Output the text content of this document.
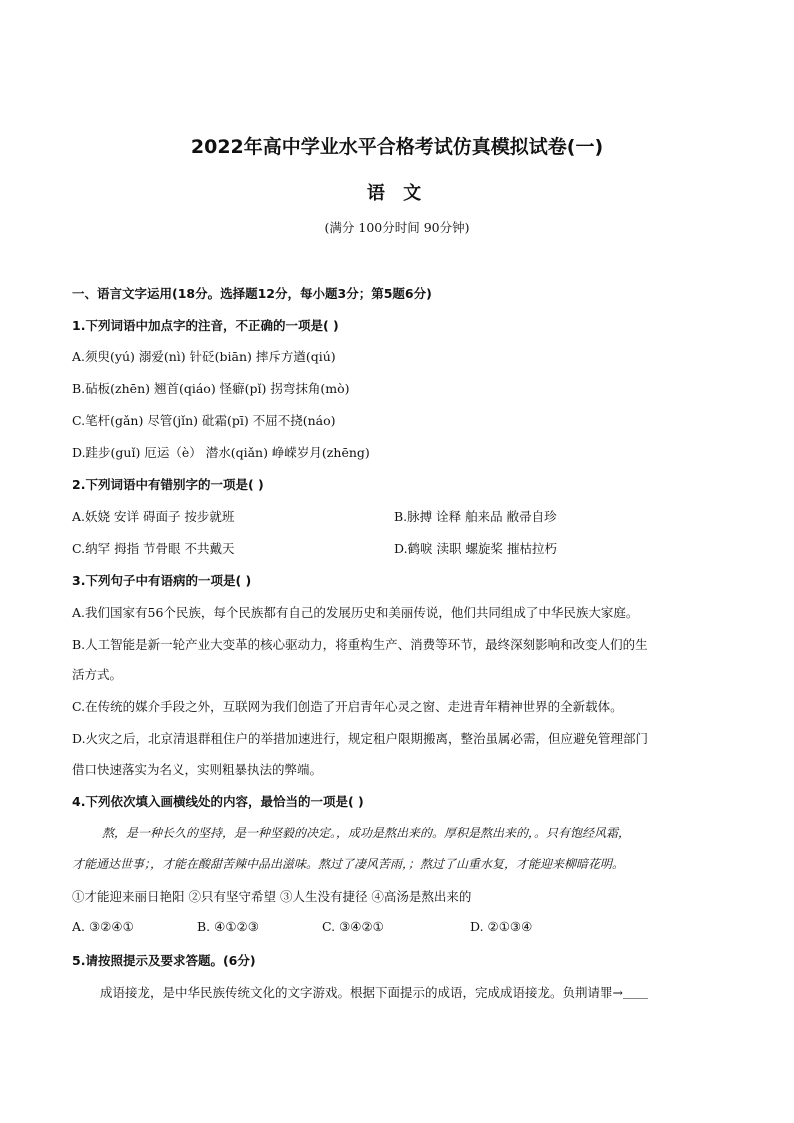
2022年高中学业水平合格考试仿真模拟试卷(一)
语 文
(满分 100分时间 90分钟)
一、语言文字运用(18分。选择题12分，每小题3分；第5题6分)
1.下列词语中加点字的注音，不正确的一项是( )
A.须臾(yú) 溺爱(nì) 针砭(biān) 摔斥方遒(qiú)
B.砧板(zhēn) 翘首(qiáo) 怪癖(pǐ) 拐弯抹角(mò)
C.笔杆(gǎn) 尽管(jǐn) 砒霜(pī) 不屈不挠(náo)
D.跬步(guǐ) 厄运（è） 潜水(qiǎn) 峥嵘岁月(zhēng)
2.下列词语中有错别字的一项是( )
A.妖娆 安详 碍面子 按步就班	B.脉搏 诠释 舶来品 敝帚自珍
C.纳罕 拇指 节骨眼 不共戴天	D.鹤唳 渎职 螺旋桨 摧枯拉朽
3.下列句子中有语病的一项是( )
A.我们国家有56个民族，每个民族都有自己的发展历史和美丽传说，他们共同组成了中华民族大家庭。
B.人工智能是新一轮产业大变革的核心驱动力，将重构生产、消费等环节，最终深刻影响和改变人们的生
活方式。
C.在传统的媒介手段之外，互联网为我们创造了开启青年心灵之窗、走进青年精神世界的全新载体。
D.火灾之后，北京清退群租住户的举措加速进行，规定租户限期搬离，整治虽属必需，但应避免管理部门
借口快速落实为名义，实则粗暴执法的弊端。
4.下列依次填入画横线处的内容，最恰当的一项是( )
熬，是一种长久的坚持，是一种坚毅的决定。，成功是熬出来的。厚积是熬出来的，。只有饱经风霜，
才能通达世事；，才能在酸甜苦辣中品出滋味。熬过了凄风苦雨，；熬过了山重水复，才能迎来柳暗花明。
①才能迎来丽日艳阳 ②只有坚守希望 ③人生没有捷径 ④高汤是熬出来的
A. ③②④①	B. ④①②③	C. ③④②①	D. ②①③④
5.请按照提示及要求答题。(6分)
成语接龙，是中华民族传统文化的文字游戏。根据下面提示的成语，完成成语接龙。负荆请罪→＿＿
